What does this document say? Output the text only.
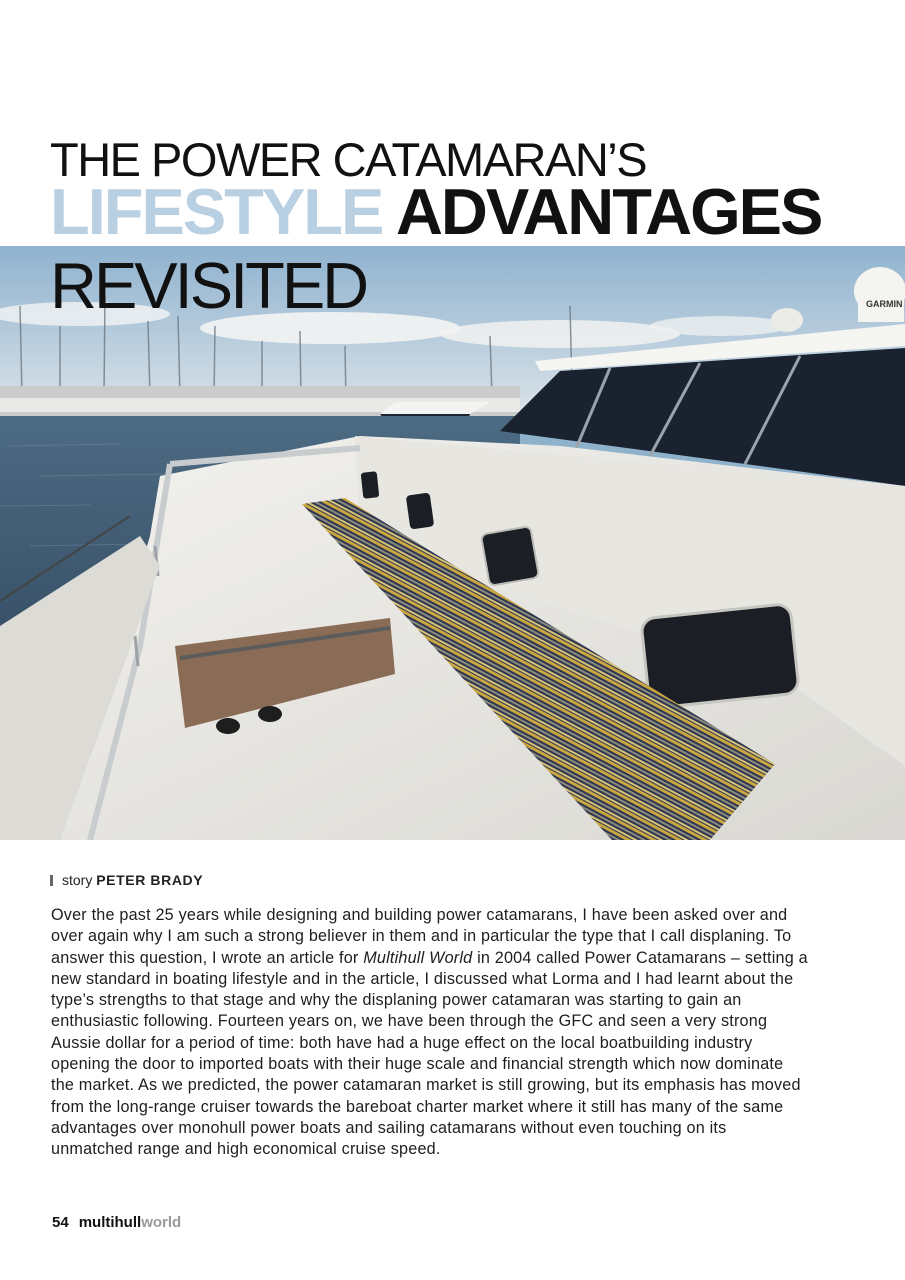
GARMIN
THE POWER CATAMARAN’S
LIFESTYLE ADVANTAGES
REVISITED
story PETER BRADY

Over the past 25 years while designing and building power catamarans, I have been asked over and over again why I am such a strong believer in them and in particular the type that I call displaning. To answer this question, I wrote an article for Multihull World in 2004 called Power Catamarans – setting a new standard in boating lifestyle and in the article, I discussed what Lorma and I had learnt about the type’s strengths to that stage and why the displaning power catamaran was starting to gain an enthusiastic following. Fourteen years on, we have been through the GFC and seen a very strong Aussie dollar for a period of time: both have had a huge effect on the local boatbuilding industry opening the door to imported boats with their huge scale and financial strength which now dominate the market. As we predicted, the power catamaran market is still growing, but its emphasis has moved from the long-range cruiser towards the bareboat charter market where it still has many of the same advantages over monohull power boats and sailing catamarans without even touching on its unmatched range and high economical cruise speed.

54 multihullworld
